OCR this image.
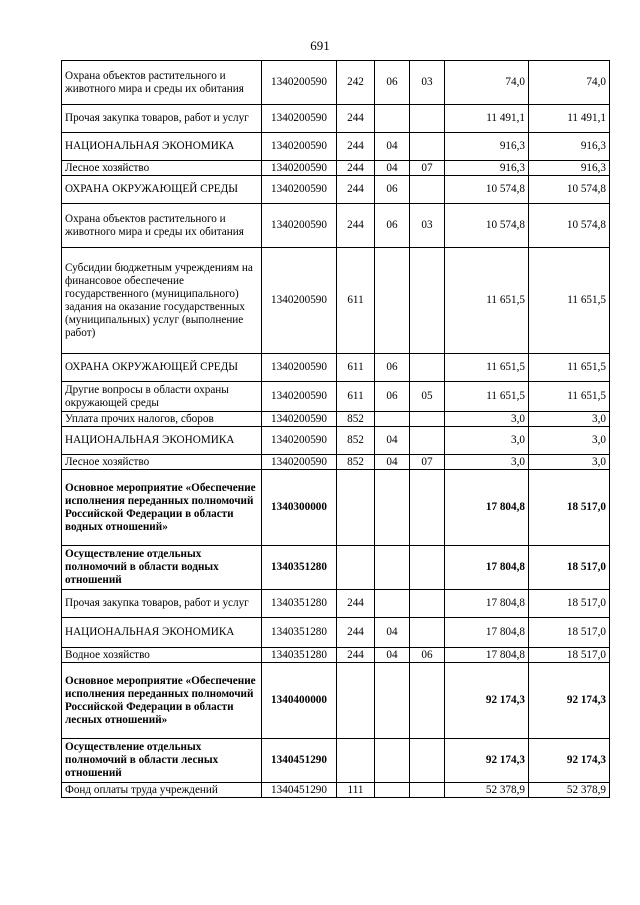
691
Охрана объектов растительного и животного мира и среды их обитания	1340200590	242	06	03	74,0	74,0
Прочая закупка товаров, работ и услуг	1340200590	244			11 491,1	11 491,1
НАЦИОНАЛЬНАЯ ЭКОНОМИКА	1340200590	244	04		916,3	916,3
Лесное хозяйство	1340200590	244	04	07	916,3	916,3
ОХРАНА ОКРУЖАЮЩЕЙ СРЕДЫ	1340200590	244	06		10 574,8	10 574,8
Охрана объектов растительного и животного мира и среды их обитания	1340200590	244	06	03	10 574,8	10 574,8
Субсидии бюджетным учреждениям на финансовое обеспечение государственного (муниципального) задания на оказание государственных (муниципальных) услуг (выполнение работ)	1340200590	611			11 651,5	11 651,5
ОХРАНА ОКРУЖАЮЩЕЙ СРЕДЫ	1340200590	611	06		11 651,5	11 651,5
Другие вопросы в области охраны окружающей среды	1340200590	611	06	05	11 651,5	11 651,5
Уплата прочих налогов, сборов	1340200590	852			3,0	3,0
НАЦИОНАЛЬНАЯ ЭКОНОМИКА	1340200590	852	04		3,0	3,0
Лесное хозяйство	1340200590	852	04	07	3,0	3,0
Основное мероприятие «Обеспечение исполнения переданных полномочий Российской Федерации в области водных отношений»	1340300000				17 804,8	18 517,0
Осуществление отдельных полномочий в области водных отношений	1340351280				17 804,8	18 517,0
Прочая закупка товаров, работ и услуг	1340351280	244			17 804,8	18 517,0
НАЦИОНАЛЬНАЯ ЭКОНОМИКА	1340351280	244	04		17 804,8	18 517,0
Водное хозяйство	1340351280	244	04	06	17 804,8	18 517,0
Основное мероприятие «Обеспечение исполнения переданных полномочий Российской Федерации в области лесных отношений»	1340400000				92 174,3	92 174,3
Осуществление отдельных полномочий в области лесных отношений	1340451290				92 174,3	92 174,3
Фонд оплаты труда учреждений	1340451290	111			52 378,9	52 378,9
